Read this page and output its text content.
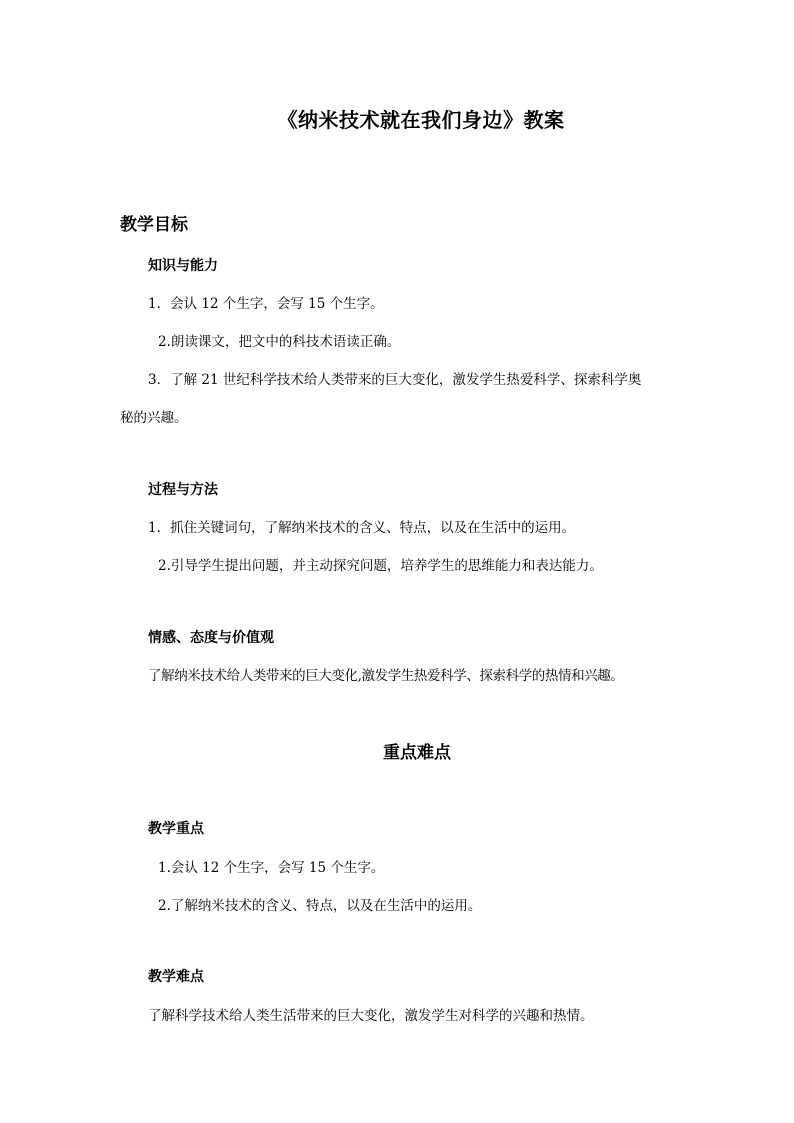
《纳米技术就在我们身边》教案
教学目标
知识与能力
1．会认 12 个生字，会写 15 个生字。
2.朗读课文，把文中的科技术语读正确。
3．了解 21 世纪科学技术给人类带来的巨大变化，激发学生热爱科学、探索科学奥
秘的兴趣。
过程与方法
1．抓住关键词句，了解纳米技术的含义、特点，以及在生活中的运用。
2.引导学生提出问题，并主动探究问题，培养学生的思维能力和表达能力。
情感、态度与价值观
了解纳米技术给人类带来的巨大变化,激发学生热爱科学、探索科学的热情和兴趣。
重点难点
教学重点
1.会认 12 个生字，会写 15 个生字。
2.了解纳米技术的含义、特点，以及在生活中的运用。
教学难点
了解科学技术给人类生活带来的巨大变化，激发学生对科学的兴趣和热情。
